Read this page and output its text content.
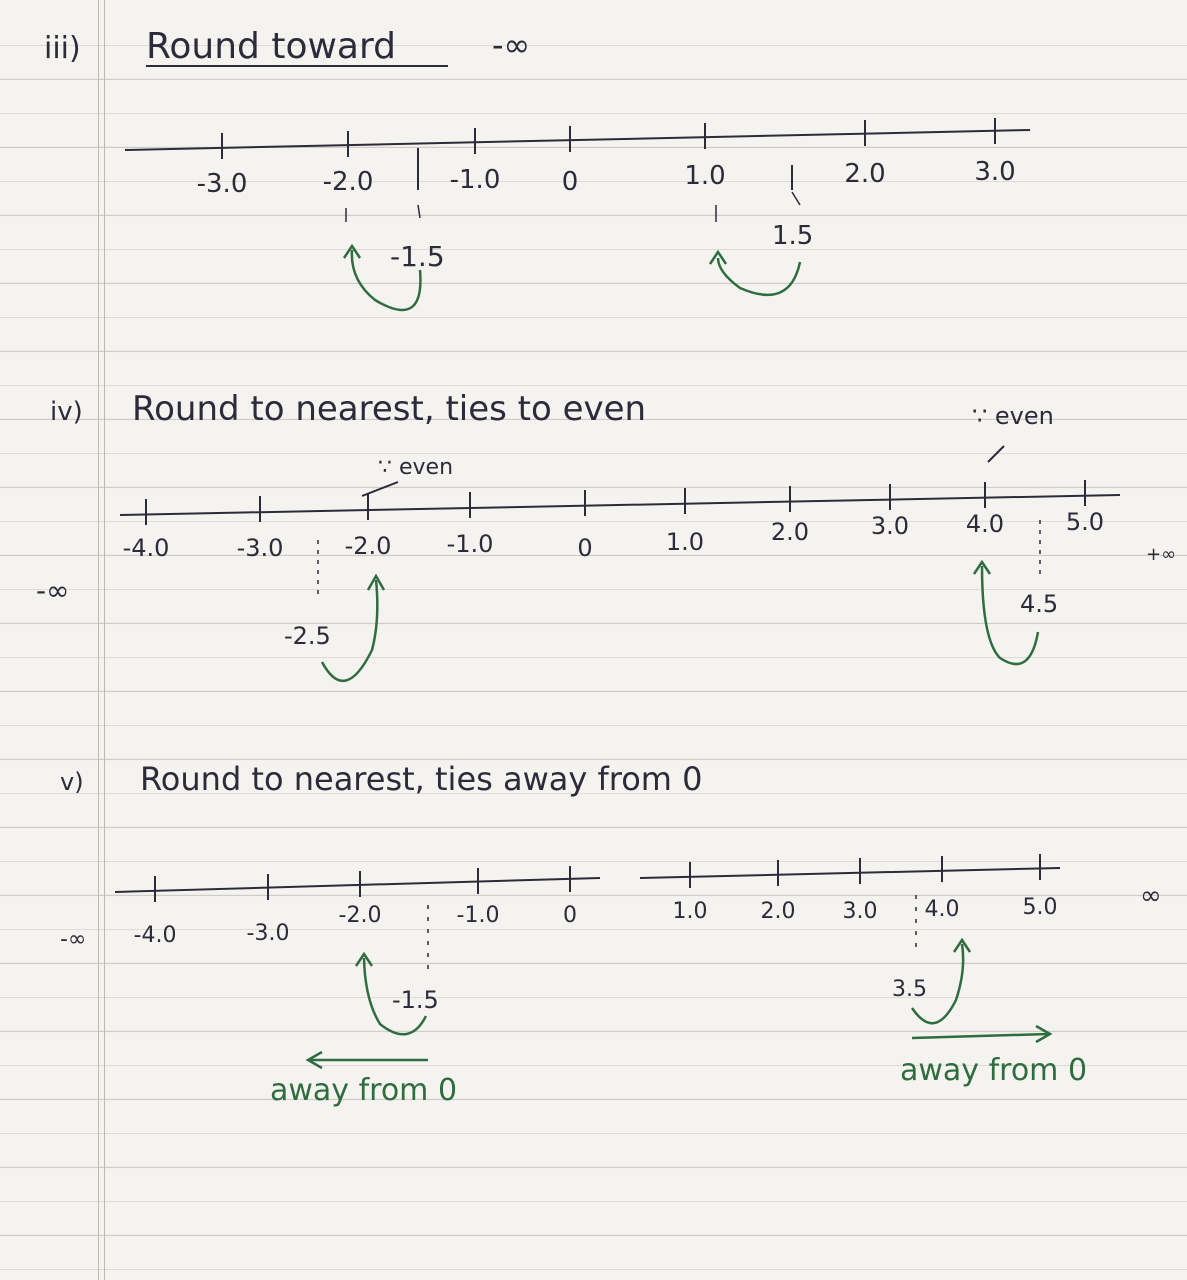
iii) Round toward	-∞
-3.0	-2.0	-1.0 0	1.0	2.0	3.0
-1.5
1.5
iv) Round to nearest, ties to even	∵ even
∵ even
-4.0	-3.0	-2.0 -1.0	0	1.0	2.0	3.0 4.0	5.0
-∞
+∞
-2.5
4.5
v) Round to nearest, ties away from 0
-4.0	-3.0
-2.0	-1.0	0	1.0 2.0 3.0 4.0	5.0
-∞
∞
-1.5	3.5
away from 0
away from 0
